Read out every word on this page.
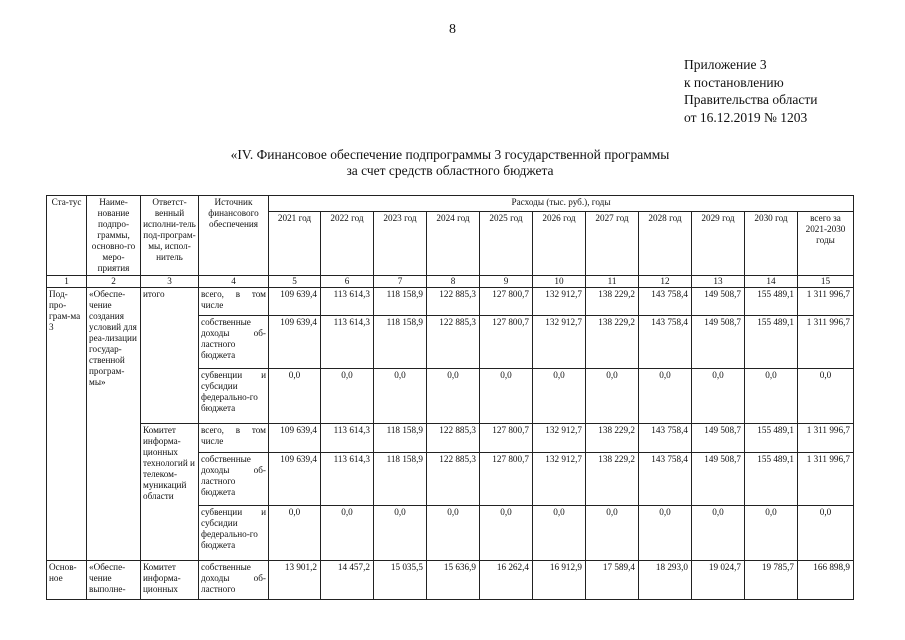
8
Приложение 3
к постановлению
Правительства области
от 16.12.2019 № 1203
«IV. Финансовое обеспечение подпрограммы 3 государственной программы
за счет средств областного бюджета
Ста-тус	Наиме-нование подпро-граммы, основно-го меро-приятия	Ответст-венный исполни-тель под-програм-мы, испол-нитель	Источник финансового обеспечения	Расходы (тыс. руб.), годы										
				2021 год	2022 год	2023 год	2024 год	2025 год	2026 год	2027 год	2028 год	2029 год	2030 год	всего за 2021-2030 годы
1	2	3	4	5	6	7	8	9	10	11	12	13	14	15
Под-про-грам-ма 3	«Обеспе-чение создания условий для реа-лизации государ-ственной програм-мы»	итого	всего, в том числе	109 639,4	113 614,3	118 158,9	122 885,3	127 800,7	132 912,7	138 229,2	143 758,4	149 508,7	155 489,1	1 311 996,7
			собственные доходы об-ластного бюджета	109 639,4	113 614,3	118 158,9	122 885,3	127 800,7	132 912,7	138 229,2	143 758,4	149 508,7	155 489,1	1 311 996,7
			субвенции и субсидии федерально-го бюджета	0,0	0,0	0,0	0,0	0,0	0,0	0,0	0,0	0,0	0,0	0,0
		Комитет информа-ционных технологий и телеком-муникаций области	всего, в том числе	109 639,4	113 614,3	118 158,9	122 885,3	127 800,7	132 912,7	138 229,2	143 758,4	149 508,7	155 489,1	1 311 996,7
			собственные доходы об-ластного бюджета	109 639,4	113 614,3	118 158,9	122 885,3	127 800,7	132 912,7	138 229,2	143 758,4	149 508,7	155 489,1	1 311 996,7
			субвенции и субсидии федерально-го бюджета	0,0	0,0	0,0	0,0	0,0	0,0	0,0	0,0	0,0	0,0	0,0
Основ-ное	«Обеспе-чение выполне-	Комитет информа-ционных	собственные доходы об-ластного	13 901,2	14 457,2	15 035,5	15 636,9	16 262,4	16 912,9	17 589,4	18 293,0	19 024,7	19 785,7	166 898,9
